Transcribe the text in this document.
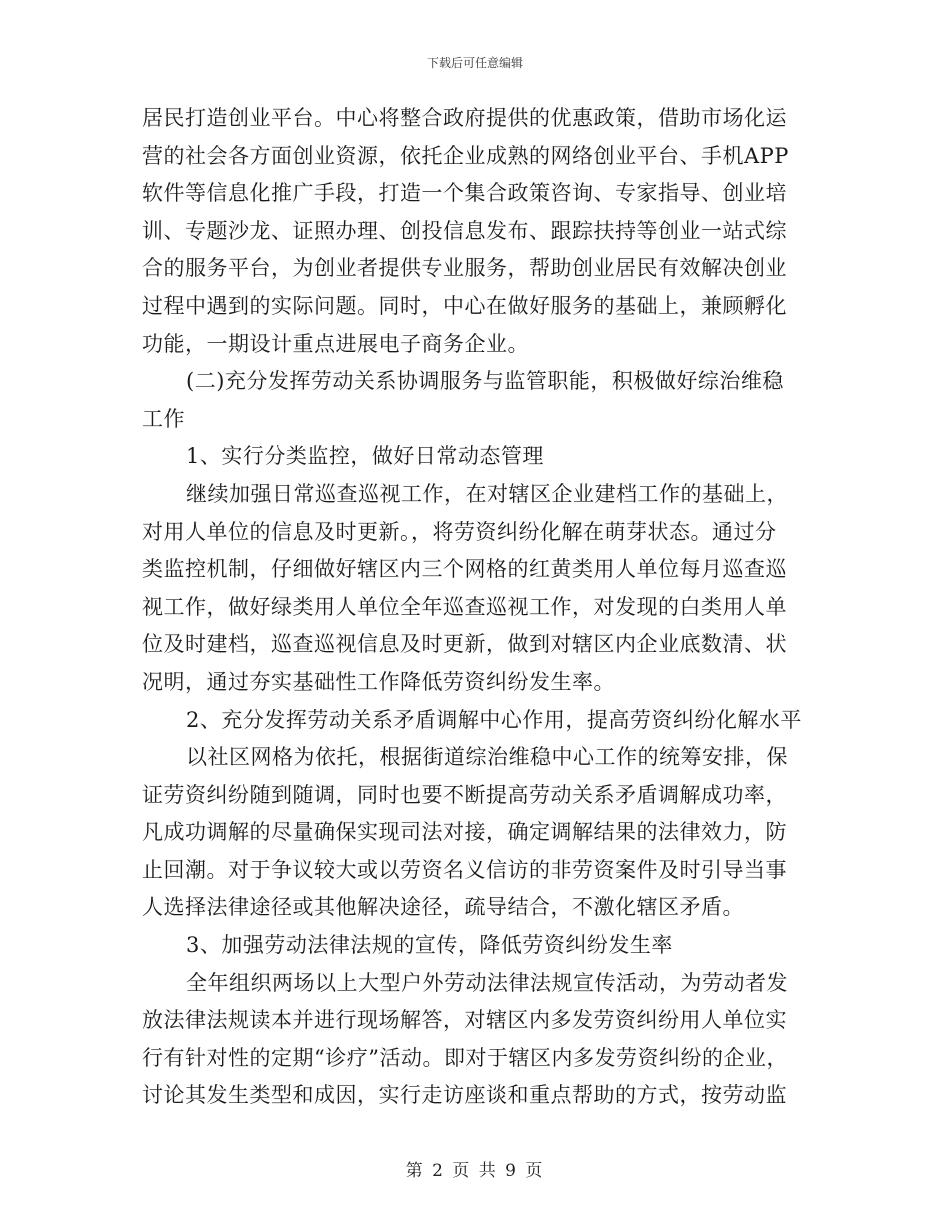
下载后可任意编辑
居民打造创业平台。中心将整合政府提供的优惠政策，借助市场化运
营的社会各方面创业资源，依托企业成熟的网络创业平台、手机APP
软件等信息化推广手段，打造一个集合政策咨询、专家指导、创业培
训、专题沙龙、证照办理、创投信息发布、跟踪扶持等创业一站式综
合的服务平台，为创业者提供专业服务，帮助创业居民有效解决创业
过程中遇到的实际问题。同时，中心在做好服务的基础上，兼顾孵化
功能，一期设计重点进展电子商务企业。
(二)充分发挥劳动关系协调服务与监管职能，积极做好综治维稳
工作
1、实行分类监控，做好日常动态管理
继续加强日常巡查巡视工作，在对辖区企业建档工作的基础上，
对用人单位的信息及时更新。，将劳资纠纷化解在萌芽状态。通过分
类监控机制，仔细做好辖区内三个网格的红黄类用人单位每月巡查巡
视工作，做好绿类用人单位全年巡查巡视工作，对发现的白类用人单
位及时建档，巡查巡视信息及时更新，做到对辖区内企业底数清、状
况明，通过夯实基础性工作降低劳资纠纷发生率。
2、充分发挥劳动关系矛盾调解中心作用，提高劳资纠纷化解水平
以社区网格为依托，根据街道综治维稳中心工作的统筹安排，保
证劳资纠纷随到随调，同时也要不断提高劳动关系矛盾调解成功率，
凡成功调解的尽量确保实现司法对接，确定调解结果的法律效力，防
止回潮。对于争议较大或以劳资名义信访的非劳资案件及时引导当事
人选择法律途径或其他解决途径，疏导结合，不激化辖区矛盾。
3、加强劳动法律法规的宣传，降低劳资纠纷发生率
全年组织两场以上大型户外劳动法律法规宣传活动，为劳动者发
放法律法规读本并进行现场解答，对辖区内多发劳资纠纷用人单位实
行有针对性的定期“诊疗”活动。即对于辖区内多发劳资纠纷的企业，
讨论其发生类型和成因，实行走访座谈和重点帮助的方式，按劳动监
第 2 页 共 9 页
